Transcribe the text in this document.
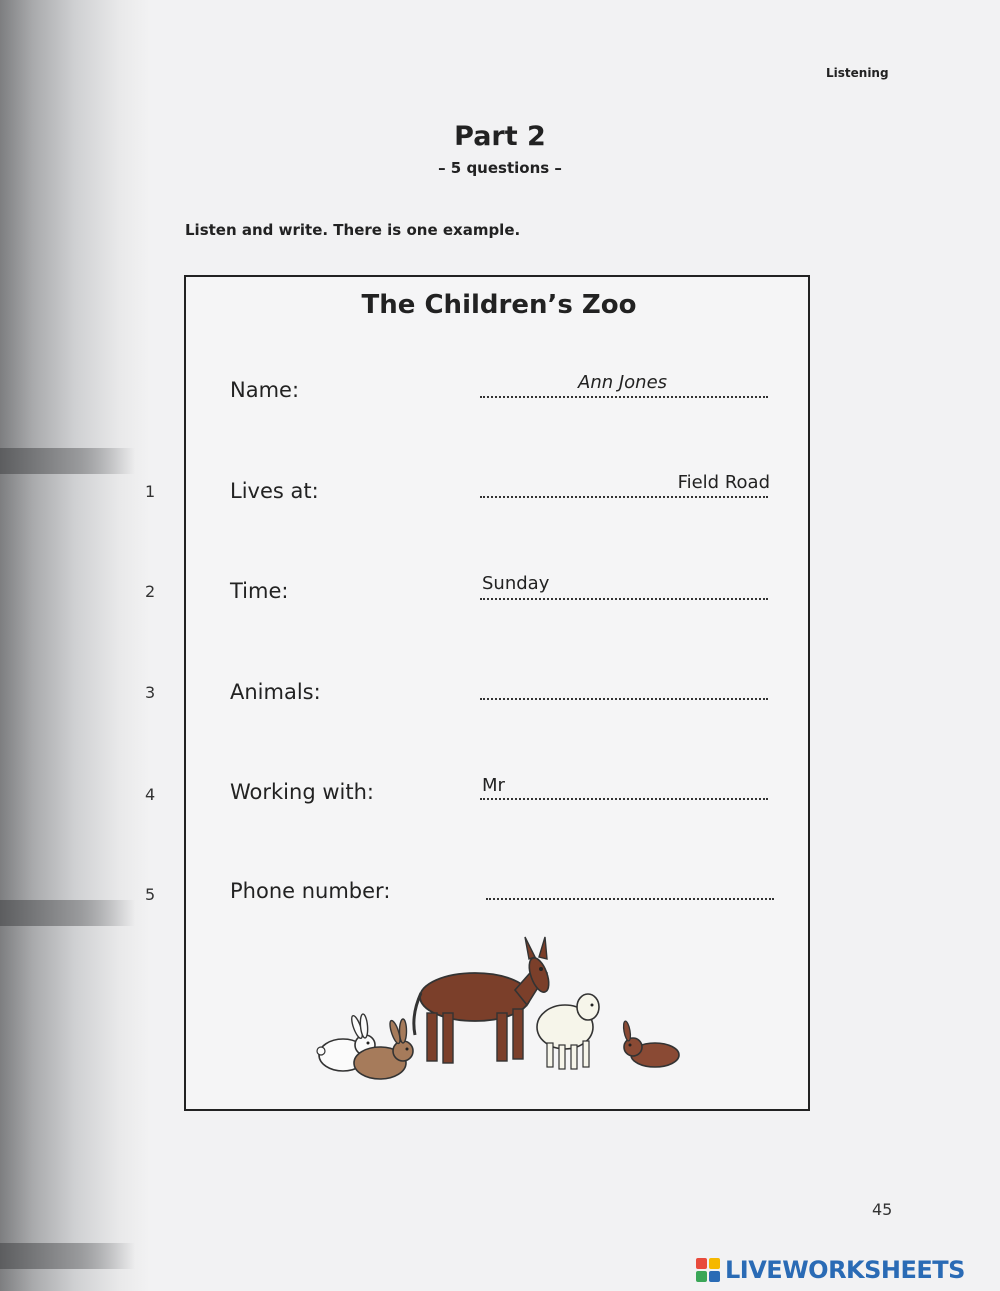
Listening
Part 2
– 5 questions –
Listen and write. There is one example.
The Children’s Zoo
Name:	Ann Jones
1	Lives at:
Field Road
2	Time:
Sunday
3	Animals:
4	Working with:
Mr
5	Phone number:
45
LIVEWORKSHEETS
